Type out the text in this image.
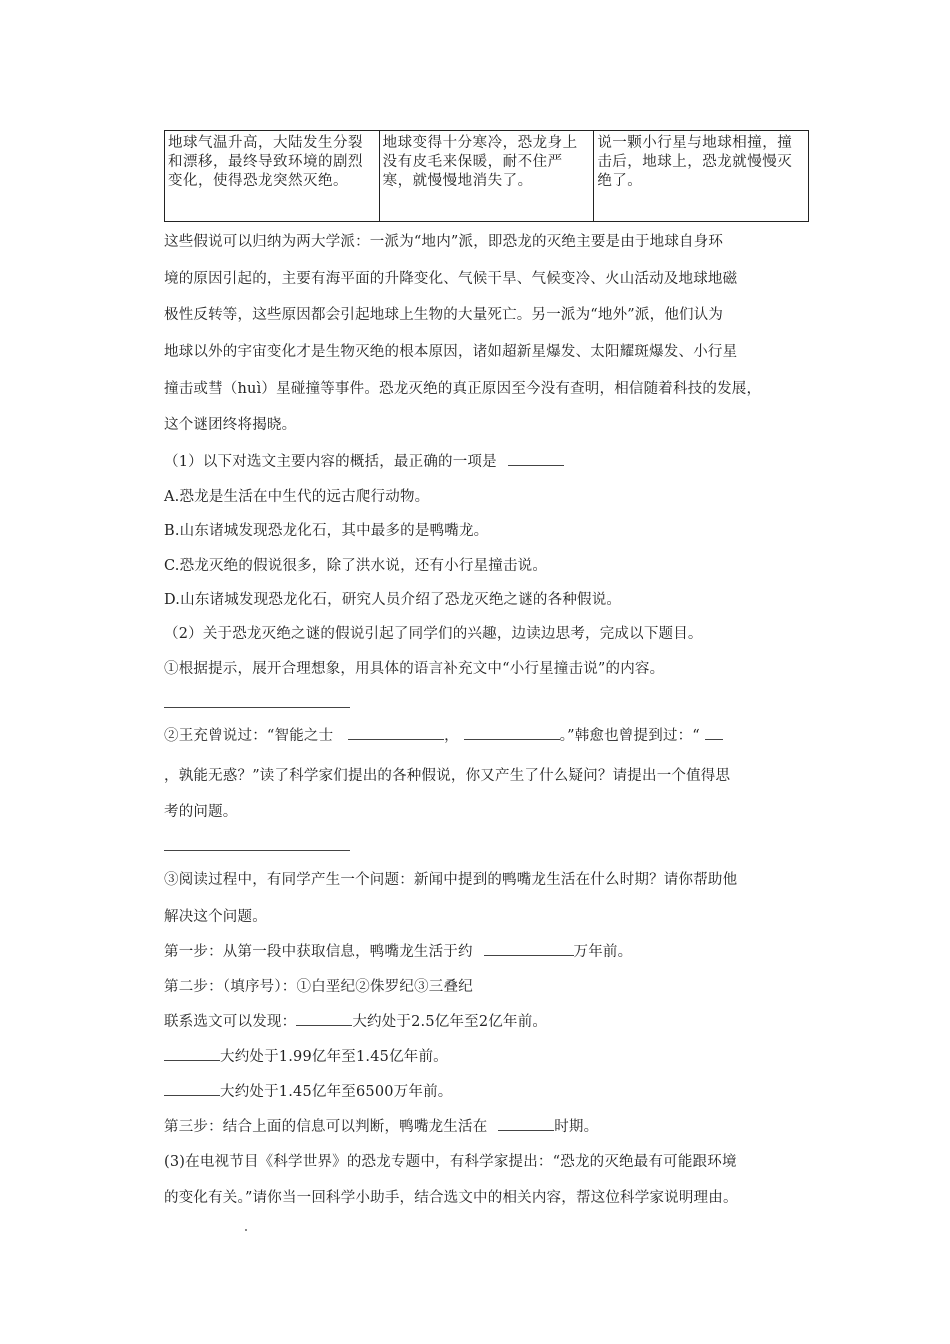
地球气温升高，大陆发生分裂和漂移，最终导致环境的剧烈变化，使得恐龙突然灭绝。	地球变得十分寒冷，恐龙身上没有皮毛来保暖，耐不住严寒，就慢慢地消失了。	说一颗小行星与地球相撞，撞击后，地球上，恐龙就慢慢灭绝了。
这些假说可以归纳为两大学派：一派为“地内”派，即恐龙的灭绝主要是由于地球自身环
境的原因引起的，主要有海平面的升降变化、气候干旱、气候变冷、火山活动及地球地磁
极性反转等，这些原因都会引起地球上生物的大量死亡。另一派为“地外”派，他们认为
地球以外的宇宙变化才是生物灭绝的根本原因，诸如超新星爆发、太阳耀斑爆发、小行星
撞击或彗（huì）星碰撞等事件。恐龙灭绝的真正原因至今没有查明，相信随着科技的发展，
这个谜团终将揭晓。
（1）以下对选文主要内容的概括，最正确的一项是
A.恐龙是生活在中生代的远古爬行动物。
B.山东诸城发现恐龙化石，其中最多的是鸭嘴龙。
C.恐龙灭绝的假说很多，除了洪水说，还有小行星撞击说。
D.山东诸城发现恐龙化石，研究人员介绍了恐龙灭绝之谜的各种假说。
（2）关于恐龙灭绝之谜的假说引起了同学们的兴趣，边读边思考，完成以下题目。
①根据提示，展开合理想象，用具体的语言补充文中“小行星撞击说”的内容。
②王充曾说过：“智能之士	，	。”韩愈也曾提到过：“
，孰能无惑？”读了科学家们提出的各种假说，你又产生了什么疑问？请提出一个值得思
考的问题。
③阅读过程中，有同学产生一个问题：新闻中提到的鸭嘴龙生活在什么时期？请你帮助他
解决这个问题。
第一步：从第一段中获取信息，鸭嘴龙生活于约	万年前。
第二步：（填序号）：①白垩纪②侏罗纪③三叠纪
联系选文可以发现：	大约处于2.5亿年至2亿年前。
大约处于1.99亿年至1.45亿年前。
大约处于1.45亿年至6500万年前。
第三步：结合上面的信息可以判断，鸭嘴龙生活在	时期。
(3)在电视节目《科学世界》的恐龙专题中，有科学家提出：“恐龙的灭绝最有可能跟环境
的变化有关。”请你当一回科学小助手，结合选文中的相关内容，帮这位科学家说明理由。
